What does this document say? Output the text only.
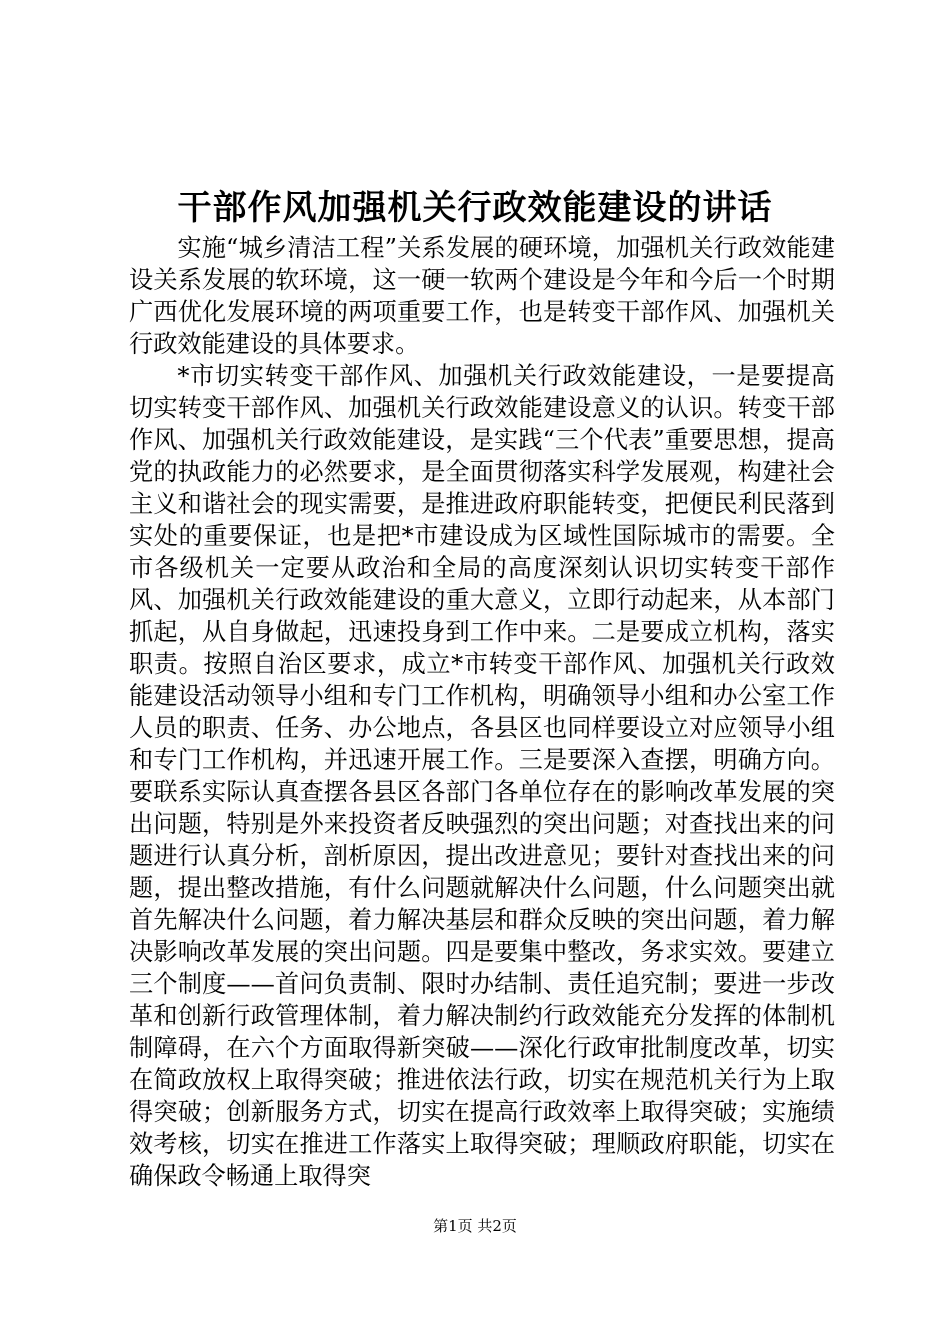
干部作风加强机关行政效能建设的讲话

实施“城乡清洁工程”关系发展的硬环境，加强机关行政效能建设关系发展的软环境，这一硬一软两个建设是今年和今后一个时期广西优化发展环境的两项重要工作，也是转变干部作风、加强机关行政效能建设的具体要求。

*市切实转变干部作风、加强机关行政效能建设，一是要提高切实转变干部作风、加强机关行政效能建设意义的认识。转变干部作风、加强机关行政效能建设，是实践“三个代表”重要思想，提高党的执政能力的必然要求，是全面贯彻落实科学发展观，构建社会主义和谐社会的现实需要，是推进政府职能转变，把便民利民落到实处的重要保证，也是把*市建设成为区域性国际城市的需要。全市各级机关一定要从政治和全局的高度深刻认识切实转变干部作风、加强机关行政效能建设的重大意义，立即行动起来，从本部门抓起，从自身做起，迅速投身到工作中来。二是要成立机构，落实职责。按照自治区要求，成立*市转变干部作风、加强机关行政效能建设活动领导小组和专门工作机构，明确领导小组和办公室工作人员的职责、任务、办公地点，各县区也同样要设立对应领导小组和专门工作机构，并迅速开展工作。三是要深入查摆，明确方向。要联系实际认真查摆各县区各部门各单位存在的影响改革发展的突出问题，特别是外来投资者反映强烈的突出问题；对查找出来的问题进行认真分析，剖析原因，提出改进意见；要针对查找出来的问题，提出整改措施，有什么问题就解决什么问题，什么问题突出就首先解决什么问题，着力解决基层和群众反映的突出问题，着力解决影响改革发展的突出问题。四是要集中整改，务求实效。要建立三个制度——首问负责制、限时办结制、责任追究制；要进一步改革和创新行政管理体制，着力解决制约行政效能充分发挥的体制机制障碍，在六个方面取得新突破——深化行政审批制度改革，切实在简政放权上取得突破；推进依法行政，切实在规范机关行为上取得突破；创新服务方式，切实在提高行政效率上取得突破；实施绩效考核，切实在推进工作落实上取得突破；理顺政府职能，切实在确保政令畅通上取得突

第1页 共2页
